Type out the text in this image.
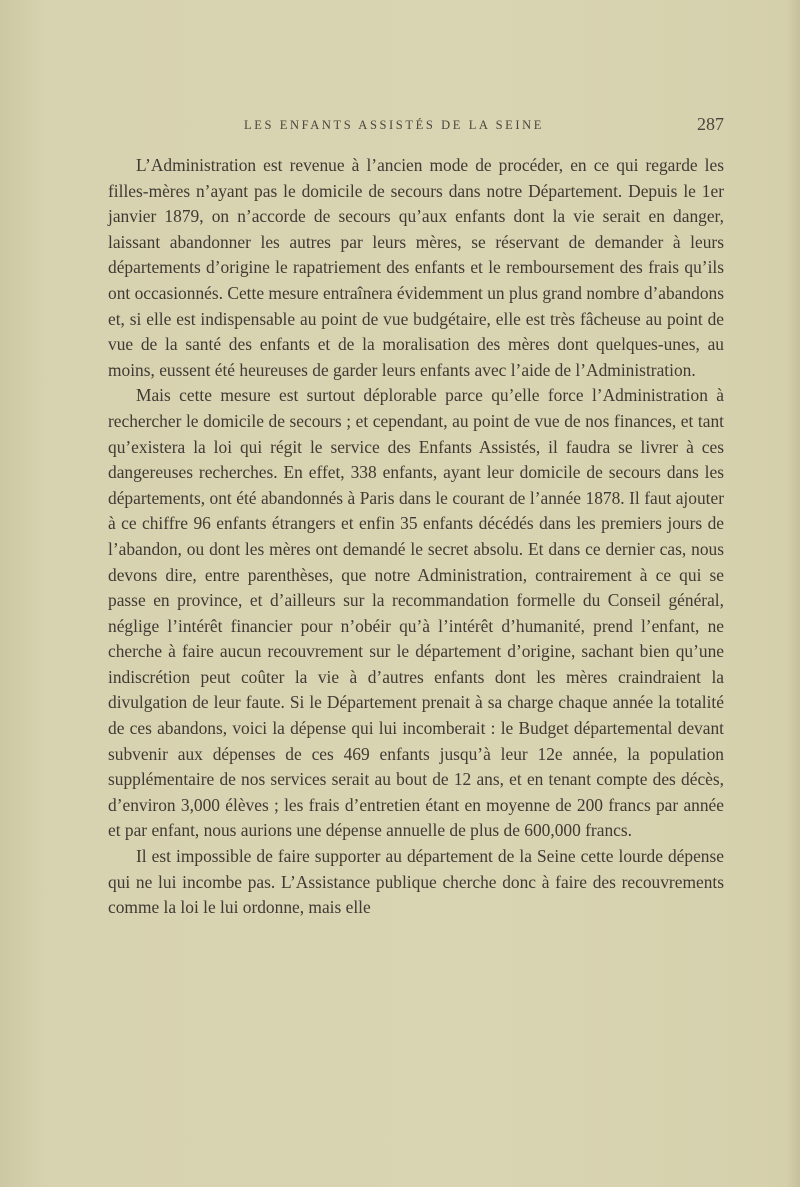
LES ENFANTS ASSISTÉS DE LA SEINE	287

L’Administration est revenue à l’ancien mode de procéder, en ce qui regarde les filles-mères n’ayant pas le domicile de secours dans notre Département. Depuis le 1er janvier 1879, on n’accorde de secours qu’aux enfants dont la vie serait en danger, laissant abandonner les autres par leurs mères, se réservant de demander à leurs départements d’origine le rapatriement des enfants et le remboursement des frais qu’ils ont occasionnés. Cette mesure entraînera évidemment un plus grand nombre d’abandons et, si elle est indispensable au point de vue budgétaire, elle est très fâcheuse au point de vue de la santé des enfants et de la moralisation des mères dont quelques-unes, au moins, eussent été heureuses de garder leurs enfants avec l’aide de l’Administration.

Mais cette mesure est surtout déplorable parce qu’elle force l’Administration à rechercher le domicile de secours ; et cependant, au point de vue de nos finances, et tant qu’existera la loi qui régit le service des Enfants Assistés, il faudra se livrer à ces dangereuses recherches. En effet, 338 enfants, ayant leur domicile de secours dans les départements, ont été abandonnés à Paris dans le courant de l’année 1878. Il faut ajouter à ce chiffre 96 enfants étrangers et enfin 35 enfants décédés dans les premiers jours de l’abandon, ou dont les mères ont demandé le secret absolu. Et dans ce dernier cas, nous devons dire, entre parenthèses, que notre Administration, contrairement à ce qui se passe en province, et d’ailleurs sur la recommandation formelle du Conseil général, néglige l’intérêt financier pour n’obéir qu’à l’intérêt d’humanité, prend l’enfant, ne cherche à faire aucun recouvrement sur le département d’origine, sachant bien qu’une indiscrétion peut coûter la vie à d’autres enfants dont les mères craindraient la divulgation de leur faute. Si le Département prenait à sa charge chaque année la totalité de ces abandons, voici la dépense qui lui incomberait : le Budget départemental devant subvenir aux dépenses de ces 469 enfants jusqu’à leur 12e année, la population supplémentaire de nos services serait au bout de 12 ans, et en tenant compte des décès, d’environ 3,000 élèves ; les frais d’entretien étant en moyenne de 200 francs par année et par enfant, nous aurions une dépense annuelle de plus de 600,000 francs.

Il est impossible de faire supporter au département de la Seine cette lourde dépense qui ne lui incombe pas. L’Assistance publique cherche donc à faire des recouvrements comme la loi le lui ordonne, mais elle
